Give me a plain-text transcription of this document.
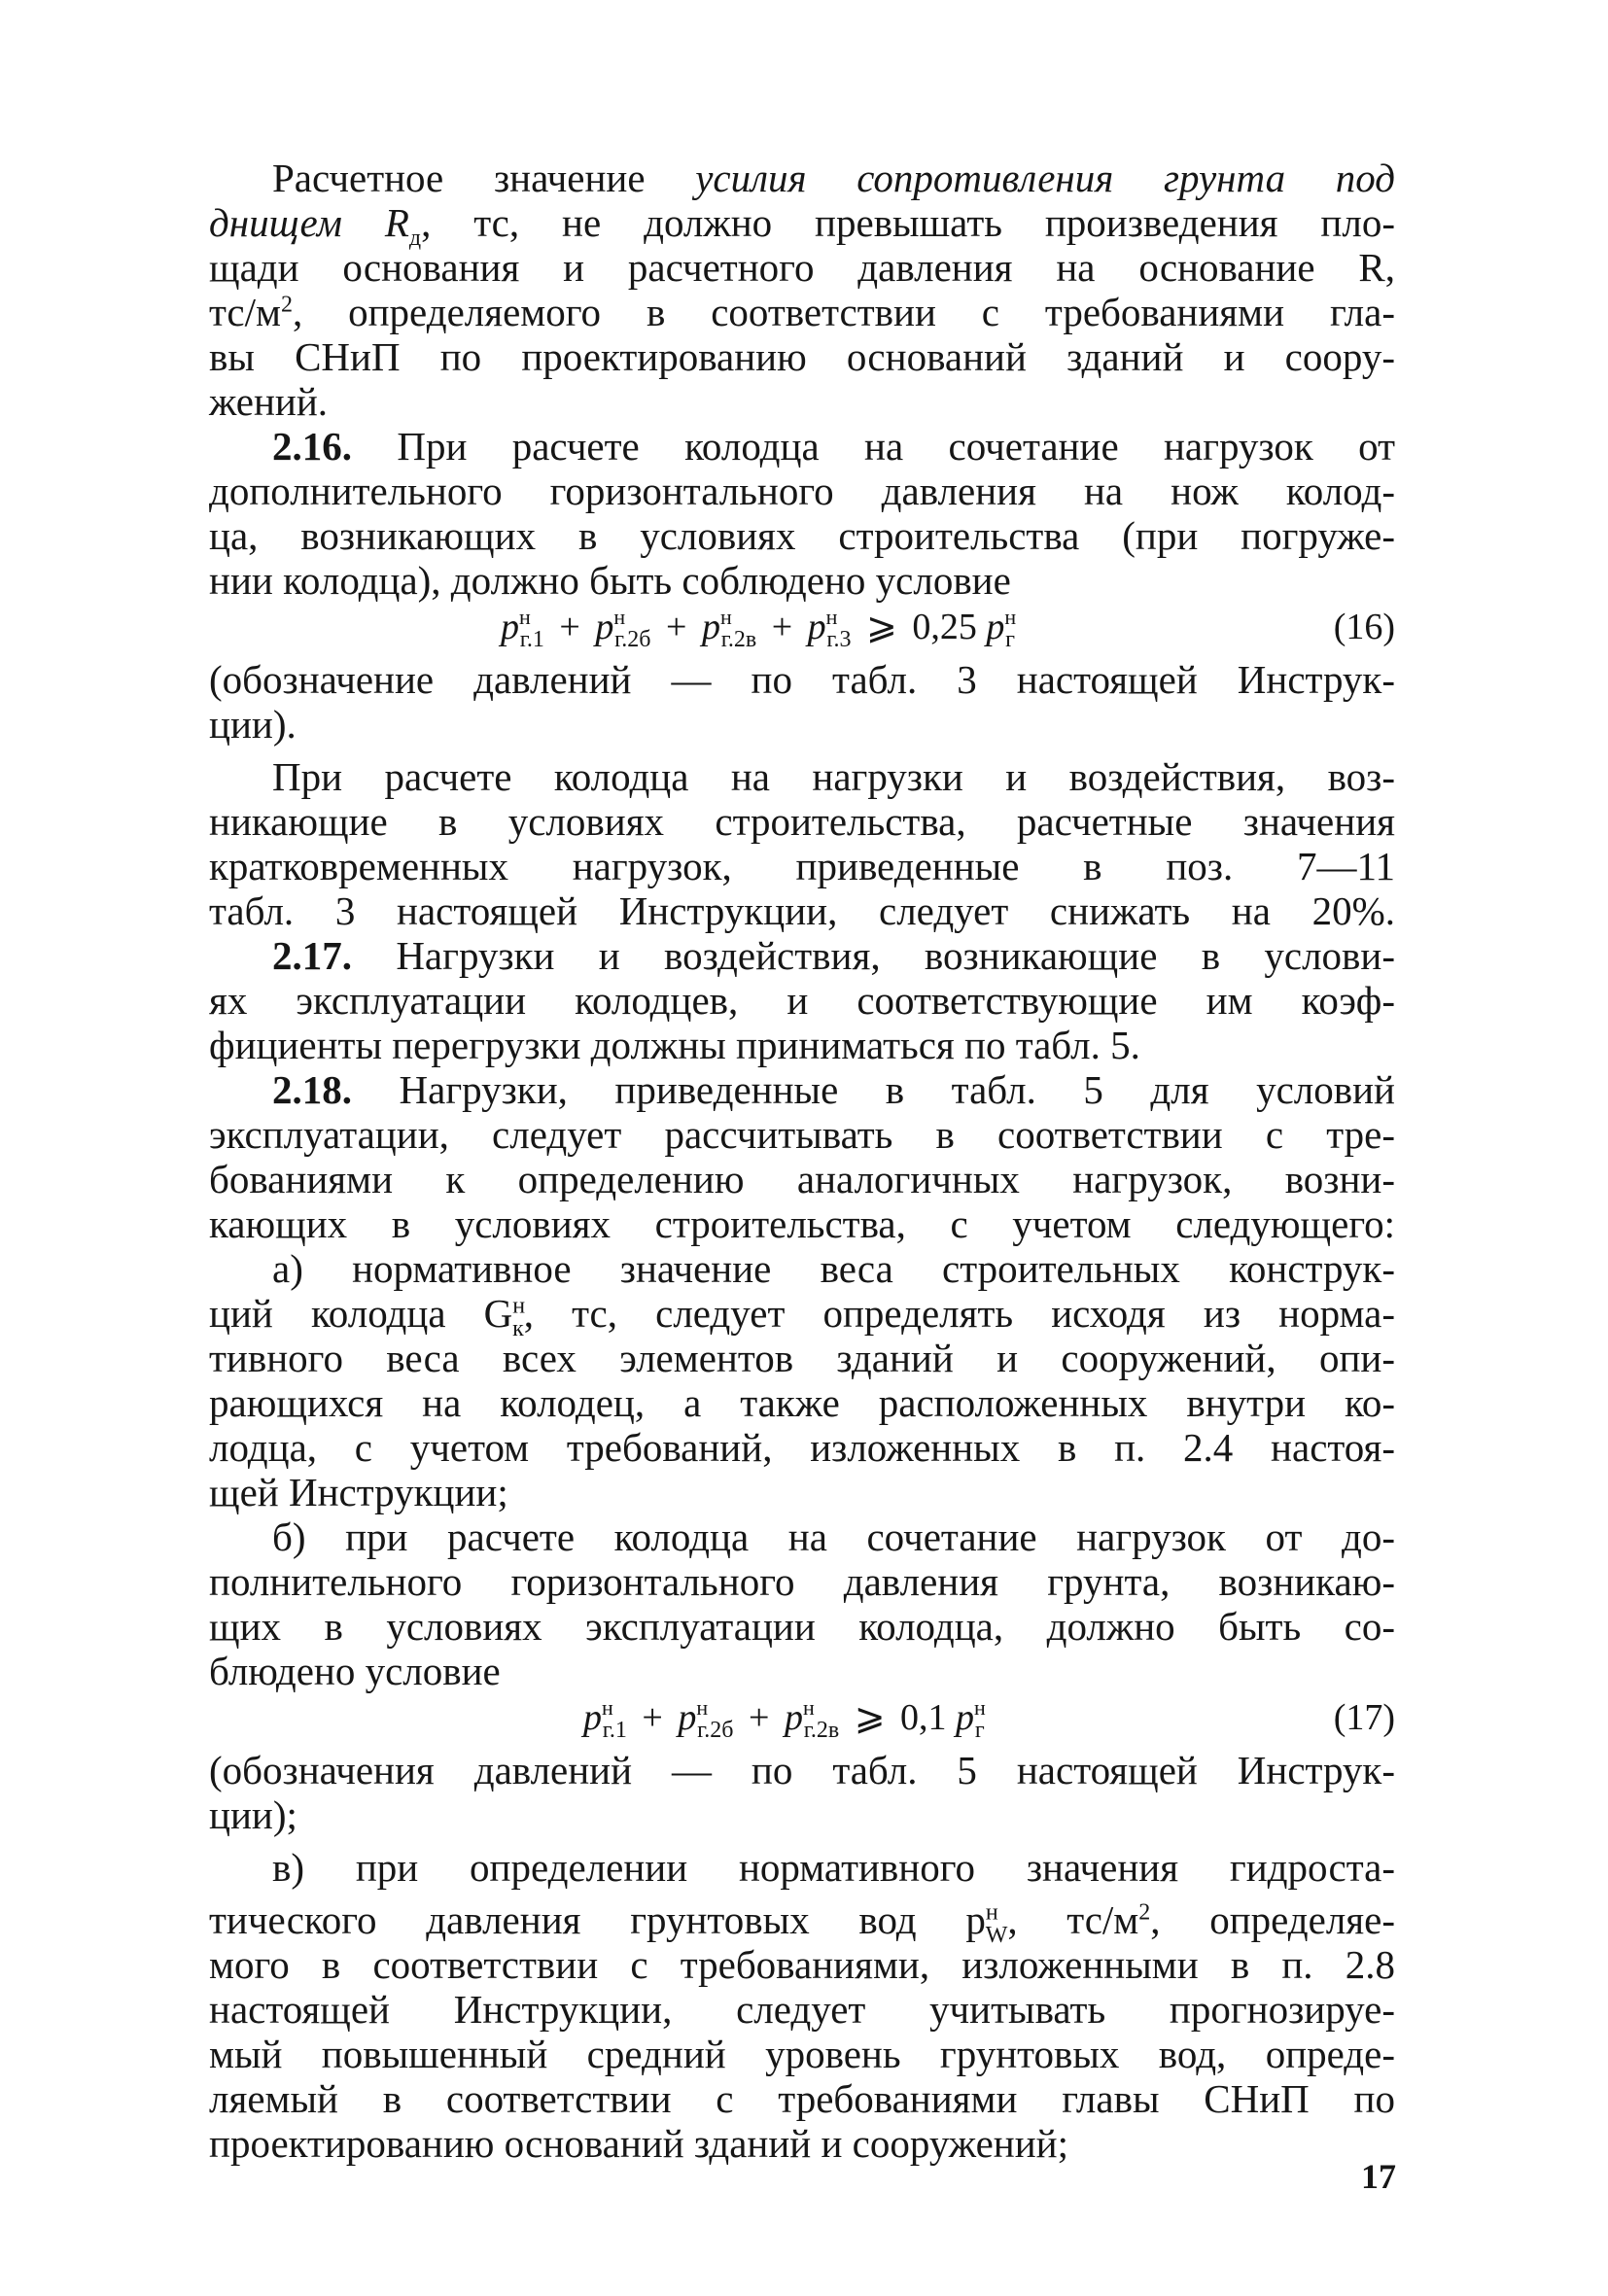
Расчетное значение усилия сопротивления грунта под
днищем $R_д$, тс, не должно превышать произведения пло-
щади основания и расчетного давления на основание R,
$тс/м^2$, определяемого в соответствии с требованиями гла-
вы СНиП по проектированию оснований зданий и соору-
жений.
2.16. При расчете колодца на сочетание нагрузок от
дополнительного горизонтального давления на нож колод-
ца, возникающих в условиях строительства (при погруже-
нии колодца), должно быть соблюдено условие
$p^н_{г.1} + p^н_{г.2б} + p^н_{г.2в} + p^н_{г.3}$ ⩾ 0,25 $p^н_г$	(16)
(обозначение давлений — по табл. 3 настоящей Инструк-
ции).
При расчете колодца на нагрузки и воздействия, воз-
никающие в условиях строительства, расчетные значения
кратковременных нагрузок, приведенные в поз. 7—11
табл. 3 настоящей Инструкции, следует снижать на 20%.
2.17. Нагрузки и воздействия, возникающие в услови-
ях эксплуатации колодцев, и соответствующие им коэф-
фициенты перегрузки должны приниматься по табл. 5.
2.18. Нагрузки, приведенные в табл. 5 для условий
эксплуатации, следует рассчитывать в соответствии с тре-
бованиями к определению аналогичных нагрузок, возни-
кающих в условиях строительства, с учетом следующего:
а) нормативное значение веса строительных конструк-
ций колодца $G^н_к$, тс, следует определять исходя из норма-
тивного веса всех элементов зданий и сооружений, опи-
рающихся на колодец, а также расположенных внутри ко-
лодца, с учетом требований, изложенных в п. 2.4 настоя-
щей Инструкции;
б) при расчете колодца на сочетание нагрузок от до-
полнительного горизонтального давления грунта, возникаю-
щих в условиях эксплуатации колодца, должно быть со-
блюдено условие
$p^н_{г.1} + p^н_{г.2б} + p^н_{г.2в}$ ⩾ 0,1 $p^н_г$	(17)
(обозначения давлений — по табл. 5 настоящей Инструк-
ции);
в) при определении нормативного значения гидроста-
тического давления грунтовых вод $p^н_W$, $тс/м^2$, определяе-
мого в соответствии с требованиями, изложенными в п. 2.8
настоящей Инструкции, следует учитывать прогнозируе-
мый повышенный средний уровень грунтовых вод, опреде-
ляемый в соответствии с требованиями главы СНиП по
проектированию оснований зданий и сооружений;
17
